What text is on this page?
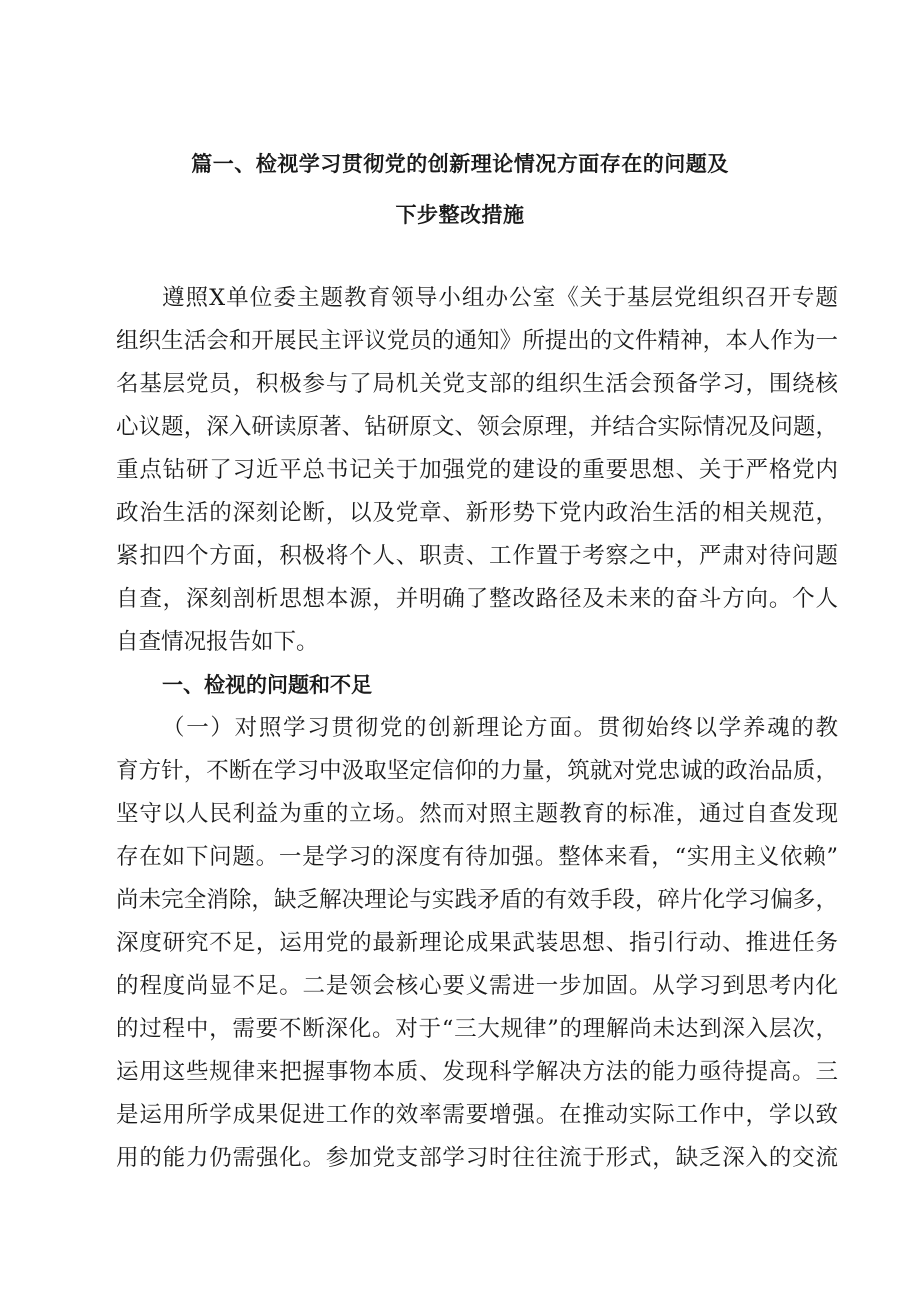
篇一、检视学习贯彻党的创新理论情况方面存在的问题及
下步整改措施

遵照X单位委主题教育领导小组办公室《关于基层党组织召开专题

组织生活会和开展民主评议党员的通知》所提出的文件精神，本人作为一

名基层党员，积极参与了局机关党支部的组织生活会预备学习，围绕核

心议题，深入研读原著、钻研原文、领会原理，并结合实际情况及问题，

重点钻研了习近平总书记关于加强党的建设的重要思想、关于严格党内

政治生活的深刻论断，以及党章、新形势下党内政治生活的相关规范，

紧扣四个方面，积极将个人、职责、工作置于考察之中，严肃对待问题

自查，深刻剖析思想本源，并明确了整改路径及未来的奋斗方向。个人

自查情况报告如下。

一、检视的问题和不足

（一）对照学习贯彻党的创新理论方面。贯彻始终以学养魂的教

育方针，不断在学习中汲取坚定信仰的力量，筑就对党忠诚的政治品质，

坚守以人民利益为重的立场。然而对照主题教育的标准，通过自查发现

存在如下问题。一是学习的深度有待加强。整体来看，“实用主义依赖”

尚未完全消除，缺乏解决理论与实践矛盾的有效手段，碎片化学习偏多，

深度研究不足，运用党的最新理论成果武装思想、指引行动、推进任务

的程度尚显不足。二是领会核心要义需进一步加固。从学习到思考内化

的过程中，需要不断深化。对于“三大规律”的理解尚未达到深入层次，

运用这些规律来把握事物本质、发现科学解决方法的能力亟待提高。三

是运用所学成果促进工作的效率需要增强。在推动实际工作中，学以致

用的能力仍需强化。参加党支部学习时往往流于形式，缺乏深入的交流
